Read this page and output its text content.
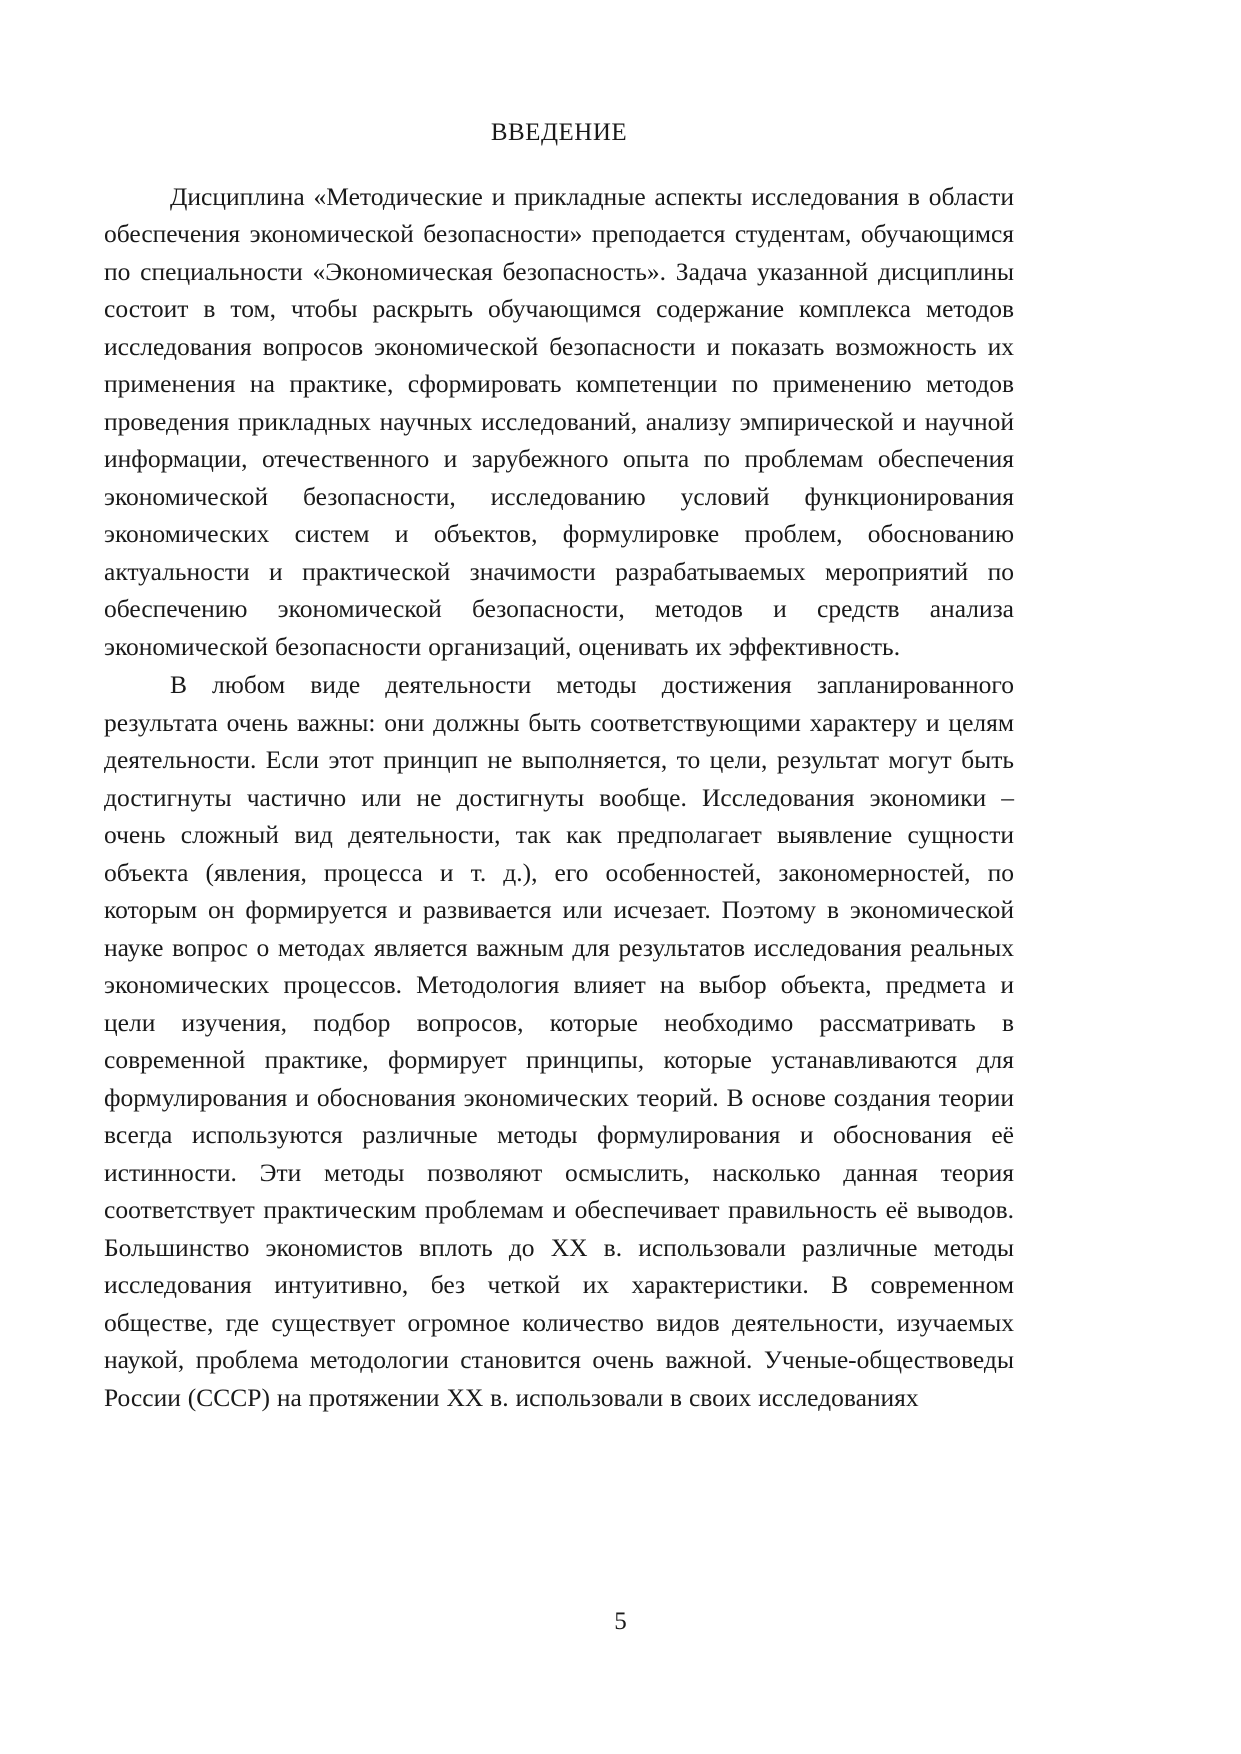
ВВЕДЕНИЕ

Дисциплина «Методические и прикладные аспекты исследования в области обеспечения экономической безопасности» преподается студентам, обучающимся по специальности «Экономическая безопасность». Задача указанной дисциплины состоит в том, чтобы раскрыть обучающимся содержание комплекса методов исследования вопросов экономической безопасности и показать возможность их применения на практике, сформировать компетенции по применению методов проведения прикладных научных исследований, анализу эмпирической и научной информации, отечественного и зарубежного опыта по проблемам обеспечения экономической безопасности, исследованию условий функционирования экономических систем и объектов, формулировке проблем, обоснованию актуальности и практической значимости разрабатываемых мероприятий по обеспечению экономической безопасности, методов и средств анализа экономической безопасности организаций, оценивать их эффективность.

В любом виде деятельности методы достижения запланированного результата очень важны: они должны быть соответствующими характеру и целям деятельности. Если этот принцип не выполняется, то цели, результат могут быть достигнуты частично или не достигнуты вообще. Исследования экономики – очень сложный вид деятельности, так как предполагает выявление сущности объекта (явления, процесса и т. д.), его особенностей, закономерностей, по которым он формируется и развивается или исчезает. Поэтому в экономической науке вопрос о методах является важным для результатов исследования реальных экономических процессов. Методология влияет на выбор объекта, предмета и цели изучения, подбор вопросов, которые необходимо рассматривать в современной практике, формирует принципы, которые устанавливаются для формулирования и обоснования экономических теорий. В основе создания теории всегда используются различные методы формулирования и обоснования её истинности. Эти методы позволяют осмыслить, насколько данная теория соответствует практическим проблемам и обеспечивает правильность её выводов. Большинство экономистов вплоть до XX в. использовали различные методы исследования интуитивно, без четкой их характеристики. В современном обществе, где существует огромное количество видов деятельности, изучаемых наукой, проблема методологии становится очень важной. Ученые-обществоведы России (СССР) на протяжении XX в. использовали в своих исследованиях

5
